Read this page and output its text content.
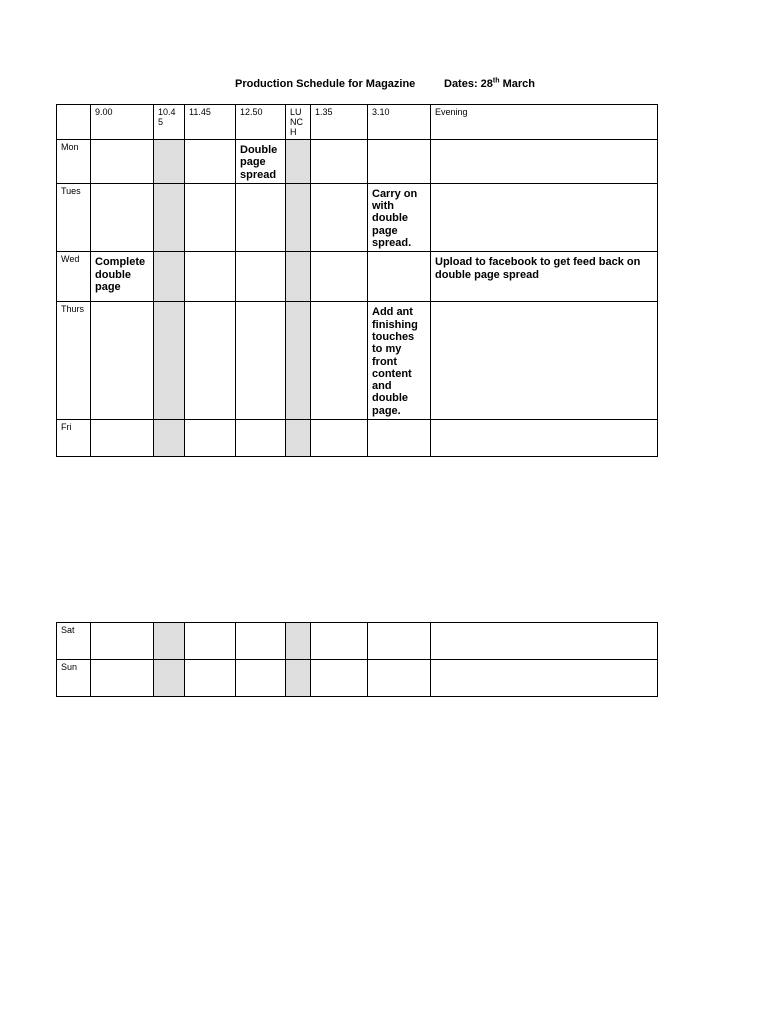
Production Schedule for Magazine	Dates: 28th March

	9.00	10.4 5	11.45	12.50	LU NC H	1.35	3.10	Evening

Mon				Double page spread				

Tues							Carry on with double page spread.	

Wed	Complete double page							Upload to facebook to get feed back on double page spread

Thurs							Add ant finishing touches to my front content and double page.	

Fri								

Sat								

Sun								
